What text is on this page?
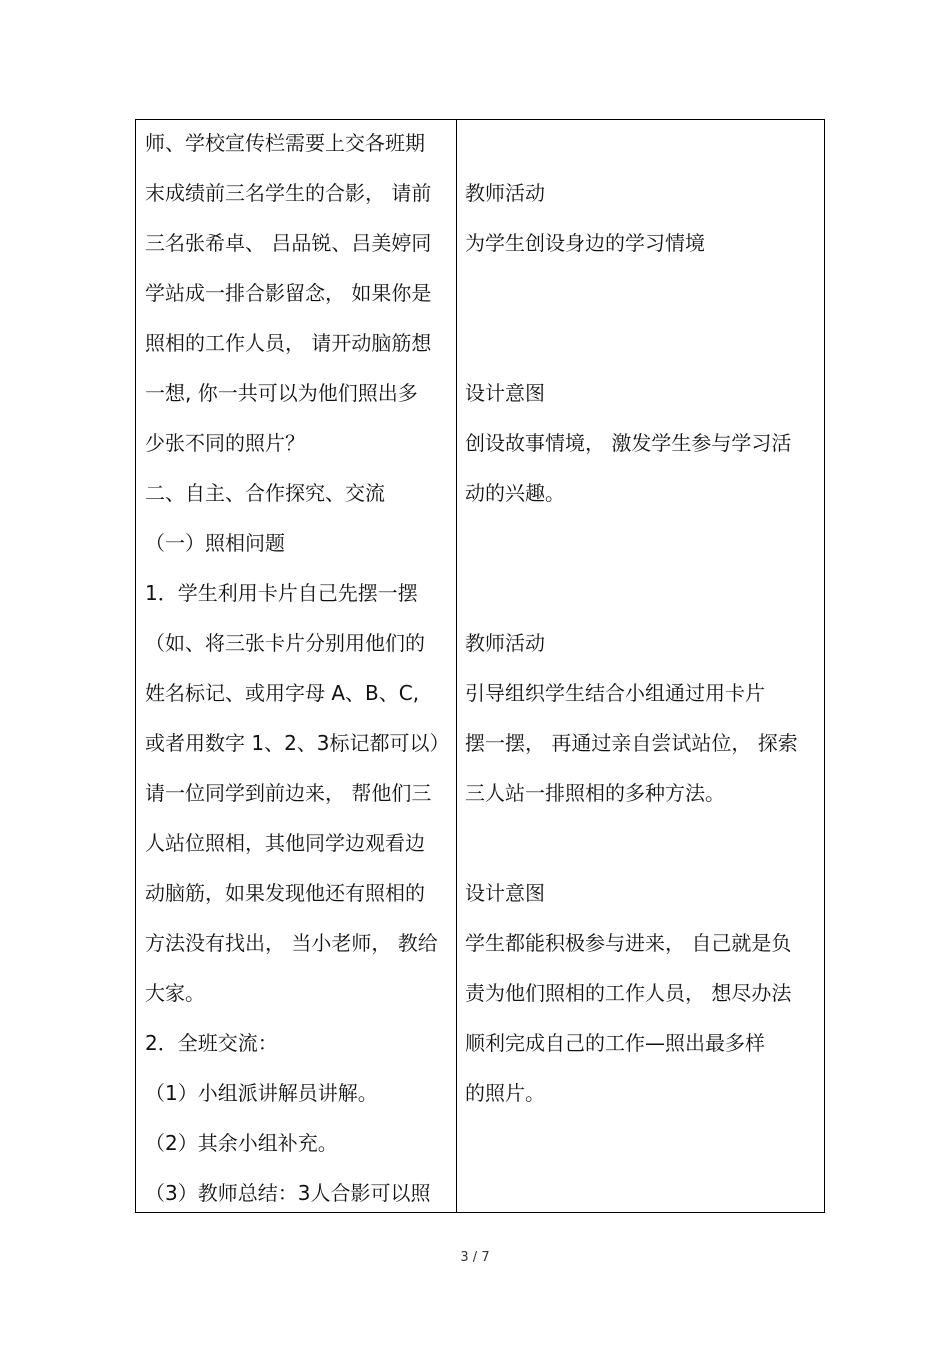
师、学校宣传栏需要上交各班期
末成绩前三名学生的合影， 请前
三名张希卓、 吕品锐、吕美婷同
学站成一排合影留念， 如果你是
照相的工作人员， 请开动脑筋想
一想, 你一共可以为他们照出多
少张不同的照片？
二、自主、合作探究、交流
（一）照相问题
1．学生利用卡片自己先摆一摆
（如、将三张卡片分别用他们的
姓名标记、或用字母 A、B、C,
或者用数字 1、2、3标记都可以）
请一位同学到前边来， 帮他们三
人站位照相，其他同学边观看边
动脑筋，如果发现他还有照相的
方法没有找出， 当小老师， 教给
大家。
2．全班交流：
（1）小组派讲解员讲解。
（2）其余小组补充。
（3）教师总结：3人合影可以照
教师活动
为学生创设身边的学习情境
设计意图
创设故事情境， 激发学生参与学习活
动的兴趣。
教师活动
引导组织学生结合小组通过用卡片
摆一摆， 再通过亲自尝试站位， 探索
三人站一排照相的多种方法。
设计意图
学生都能积极参与进来， 自己就是负
责为他们照相的工作人员， 想尽办法
顺利完成自己的工作—照出最多样
的照片。
3 / 7
